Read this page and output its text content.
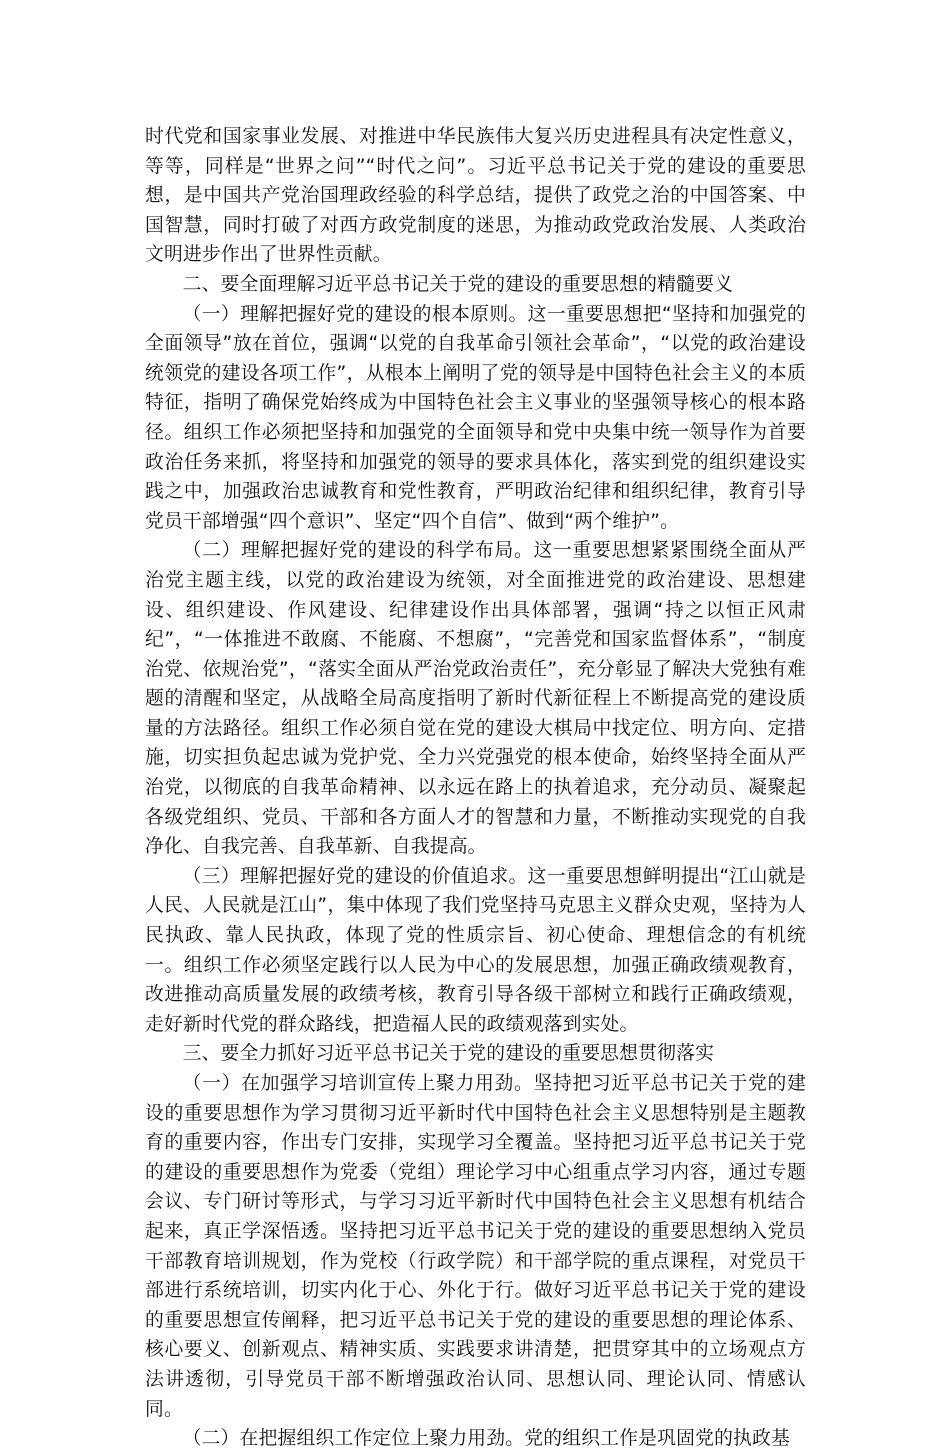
时代党和国家事业发展、对推进中华民族伟大复兴历史进程具有决定性意义，等等，同样是“世界之问”“时代之问”。习近平总书记关于党的建设的重要思想，是中国共产党治国理政经验的科学总结，提供了政党之治的中国答案、中国智慧，同时打破了对西方政党制度的迷思，为推动政党政治发展、人类政治文明进步作出了世界性贡献。

二、要全面理解习近平总书记关于党的建设的重要思想的精髓要义

（一）理解把握好党的建设的根本原则。这一重要思想把“坚持和加强党的全面领导”放在首位，强调“以党的自我革命引领社会革命”，“以党的政治建设统领党的建设各项工作”，从根本上阐明了党的领导是中国特色社会主义的本质特征，指明了确保党始终成为中国特色社会主义事业的坚强领导核心的根本路径。组织工作必须把坚持和加强党的全面领导和党中央集中统一领导作为首要政治任务来抓，将坚持和加强党的领导的要求具体化，落实到党的组织建设实践之中，加强政治忠诚教育和党性教育，严明政治纪律和组织纪律，教育引导党员干部增强“四个意识”、坚定“四个自信”、做到“两个维护”。

（二）理解把握好党的建设的科学布局。这一重要思想紧紧围绕全面从严治党主题主线，以党的政治建设为统领，对全面推进党的政治建设、思想建设、组织建设、作风建设、纪律建设作出具体部署，强调“持之以恒正风肃纪”，“一体推进不敢腐、不能腐、不想腐”，“完善党和国家监督体系”，“制度治党、依规治党”，“落实全面从严治党政治责任”，充分彰显了解决大党独有难题的清醒和坚定，从战略全局高度指明了新时代新征程上不断提高党的建设质量的方法路径。组织工作必须自觉在党的建设大棋局中找定位、明方向、定措施，切实担负起忠诚为党护党、全力兴党强党的根本使命，始终坚持全面从严治党，以彻底的自我革命精神、以永远在路上的执着追求，充分动员、凝聚起各级党组织、党员、干部和各方面人才的智慧和力量，不断推动实现党的自我净化、自我完善、自我革新、自我提高。

（三）理解把握好党的建设的价值追求。这一重要思想鲜明提出“江山就是人民、人民就是江山”，集中体现了我们党坚持马克思主义群众史观，坚持为人民执政、靠人民执政，体现了党的性质宗旨、初心使命、理想信念的有机统一。组织工作必须坚定践行以人民为中心的发展思想，加强正确政绩观教育，改进推动高质量发展的政绩考核，教育引导各级干部树立和践行正确政绩观，走好新时代党的群众路线，把造福人民的政绩观落到实处。

三、要全力抓好习近平总书记关于党的建设的重要思想贯彻落实

（一）在加强学习培训宣传上聚力用劲。坚持把习近平总书记关于党的建设的重要思想作为学习贯彻习近平新时代中国特色社会主义思想特别是主题教育的重要内容，作出专门安排，实现学习全覆盖。坚持把习近平总书记关于党的建设的重要思想作为党委（党组）理论学习中心组重点学习内容，通过专题会议、专门研讨等形式，与学习习近平新时代中国特色社会主义思想有机结合起来，真正学深悟透。坚持把习近平总书记关于党的建设的重要思想纳入党员干部教育培训规划，作为党校（行政学院）和干部学院的重点课程，对党员干部进行系统培训，切实内化于心、外化于行。做好习近平总书记关于党的建设的重要思想宣传阐释，把习近平总书记关于党的建设的重要思想的理论体系、核心要义、创新观点、精神实质、实践要求讲清楚，把贯穿其中的立场观点方法讲透彻，引导党员干部不断增强政治认同、思想认同、理论认同、情感认同。

（二）在把握组织工作定位上聚力用劲。党的组织工作是巩固党的执政基
